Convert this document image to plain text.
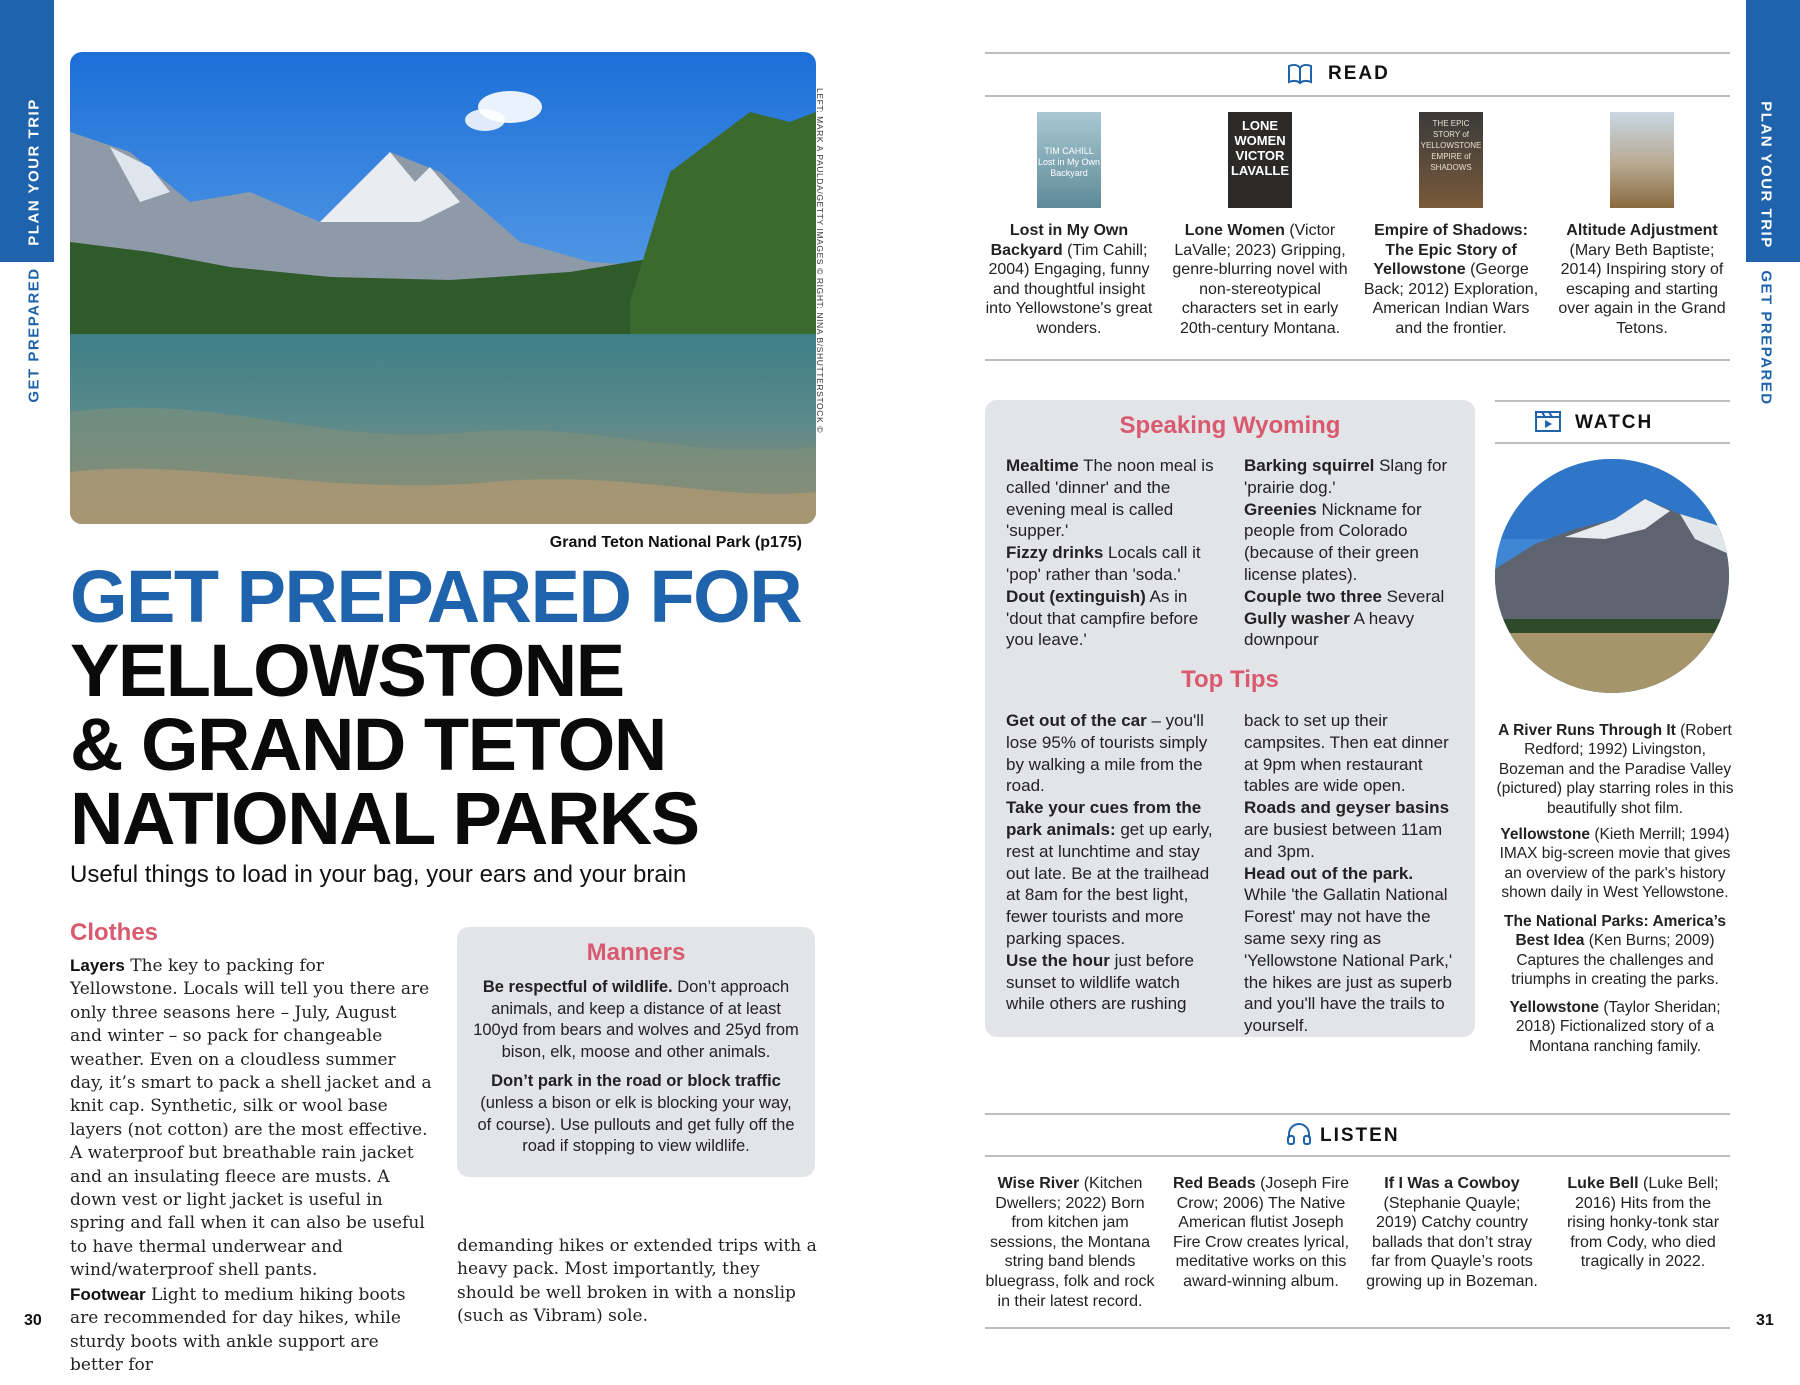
PLAN YOUR TRIP
GET PREPARED	LEFT: MARK A PAULDA/GETTY IMAGES © RIGHT: NINA B/SHUTTERSTOCK ©
Grand Teton National Park (p175)
GET PREPARED FOR
YELLOWSTONE
& GRAND TETON
NATIONAL PARKS
Useful things to load in your bag, your ears and your brain
Clothes
Layers The key to packing for Yellowstone. Locals will tell you there are only three seasons here – July, August and winter – so pack for changeable weather. Even on a cloudless summer day, it’s smart to pack a shell jacket and a knit cap. Synthetic, silk or wool base layers (not cotton) are the most effective. A waterproof but breathable rain jacket and an insulating fleece are musts. A down vest or light jacket is useful in spring and fall when it can also be useful to have thermal underwear and wind/waterproof shell pants.
Footwear Light to medium hiking boots are recommended for day hikes, while sturdy boots with ankle support are better for
demanding hikes or extended trips with a heavy pack. Most importantly, they should be well broken in with a nonslip (such as Vibram) sole.
Manners
Be respectful of wildlife. Don’t approach animals, and keep a distance of at least 100yd from bears and wolves and 25yd from bison, elk, moose and other animals.
Don’t park in the road or block traffic (unless a bison or elk is blocking your way, of course). Use pullouts and get fully off the road if stopping to view wildlife.
30
PLAN YOUR TRIP
GET PREPARED
READ
TIM CAHILL Lost in My Own Backyard
LONE WOMEN VICTOR LAVALLE
THE EPIC STORY of YELLOWSTONE EMPIRE of SHADOWS
Lost in My Own Backyard (Tim Cahill; 2004) Engaging, funny and thoughtful insight into Yellowstone's great wonders.
Lone Women (Victor LaValle; 2023) Gripping, genre-blurring novel with non-stereotypical characters set in early 20th-century Montana.
Empire of Shadows: The Epic Story of Yellowstone (George Back; 2012) Exploration, American Indian Wars and the frontier.
Altitude Adjustment (Mary Beth Baptiste; 2014) Inspiring story of escaping and starting over again in the Grand Tetons.
Speaking Wyoming
Mealtime The noon meal is called 'dinner' and the evening meal is called 'supper.'
Fizzy drinks Locals call it 'pop' rather than 'soda.'
Dout (extinguish) As in 'dout that campfire before you leave.'
Barking squirrel Slang for 'prairie dog.'
Greenies Nickname for people from Colorado (because of their green license plates).
Couple two three Several
Gully washer A heavy downpour
Top Tips
Get out of the car – you'll lose 95% of tourists simply by walking a mile from the road.
Take your cues from the park animals: get up early, rest at lunchtime and stay out late. Be at the trailhead at 8am for the best light, fewer tourists and more parking spaces.
Use the hour just before sunset to wildlife watch while others are rushing
back to set up their campsites. Then eat dinner at 9pm when restaurant tables are wide open.
Roads and geyser basins are busiest between 11am and 3pm.
Head out of the park. While 'the Gallatin National Forest' may not have the same sexy ring as 'Yellowstone National Park,' the hikes are just as superb and you'll have the trails to yourself.
WATCH
A River Runs Through It (Robert Redford; 1992) Livingston, Bozeman and the Paradise Valley (pictured) play starring roles in this beautifully shot film.
Yellowstone (Kieth Merrill; 1994) IMAX big-screen movie that gives an overview of the park's history shown daily in West Yellowstone.
The National Parks: America’s Best Idea (Ken Burns; 2009) Captures the challenges and triumphs in creating the parks.
Yellowstone (Taylor Sheridan; 2018) Fictionalized story of a Montana ranching family.
LISTEN
Wise River (Kitchen Dwellers; 2022) Born from kitchen jam sessions, the Montana string band blends bluegrass, folk and rock in their latest record.
Red Beads (Joseph Fire Crow; 2006) The Native American flutist Joseph Fire Crow creates lyrical, meditative works on this award-winning album.
If I Was a Cowboy (Stephanie Quayle; 2019) Catchy country ballads that don’t stray far from Quayle’s roots growing up in Bozeman.
Luke Bell (Luke Bell; 2016) Hits from the rising honky-tonk star from Cody, who died tragically in 2022.
31
